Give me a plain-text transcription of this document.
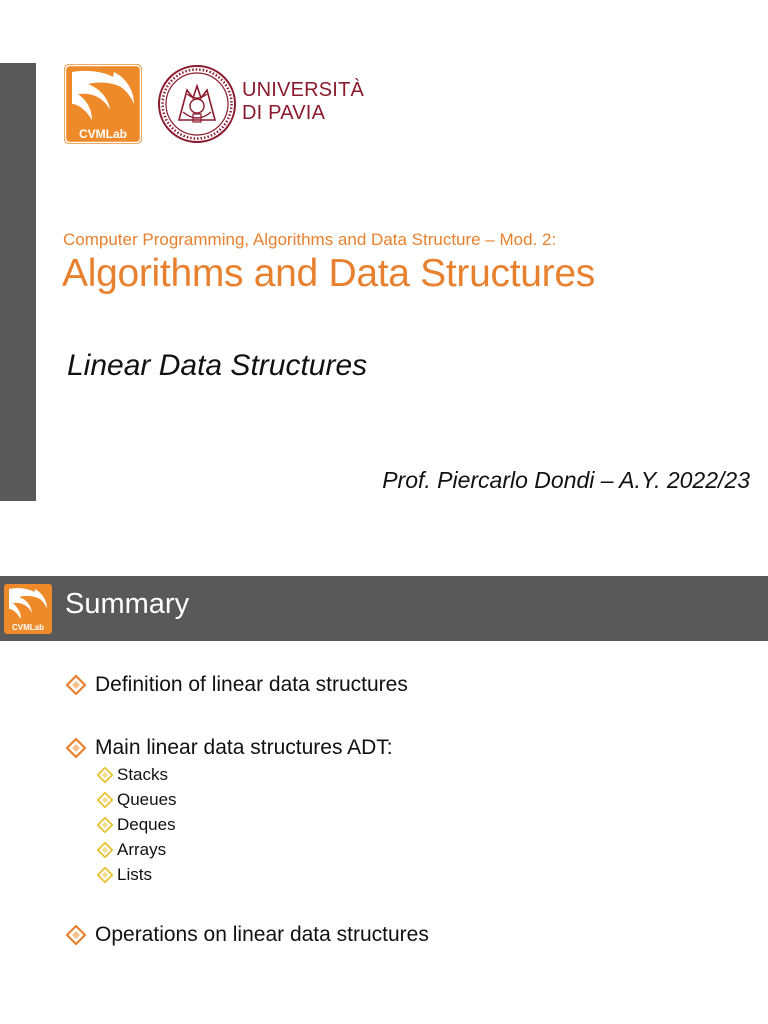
CVMLab
UNIVERSITÀ
DI PAVIA
Computer Programming, Algorithms and Data Structure – Mod. 2:
Algorithms and Data Structures
Linear Data Structures
Prof. Piercarlo Dondi – A.Y. 2022/23
CVMLab
Summary
Definition of linear data structures
Main linear data structures ADT:
Stacks
Queues
Deques
Arrays
Lists
Operations on linear data structures
